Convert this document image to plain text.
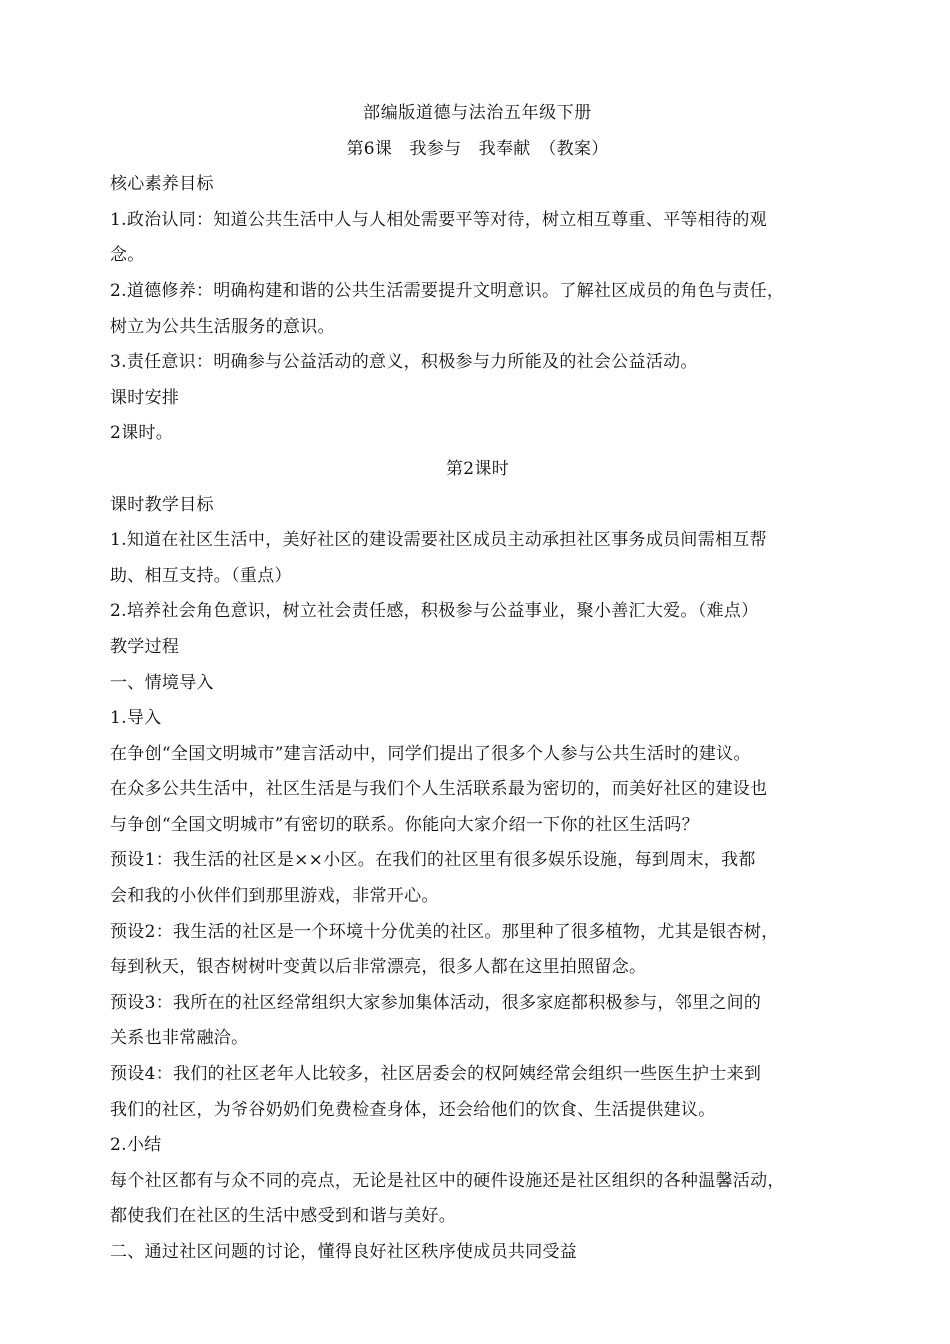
部编版道德与法治五年级下册
第6课　我参与　我奉献　（教案）
核心素养目标
1.政治认同：知道公共生活中人与人相处需要平等对待，树立相互尊重、平等相待的观
念。
2.道德修养：明确构建和谐的公共生活需要提升文明意识。了解社区成员的角色与责任，
树立为公共生活服务的意识。
3.责任意识：明确参与公益活动的意义，积极参与力所能及的社会公益活动。
课时安排
2课时。
第2课时
课时教学目标
1.知道在社区生活中，美好社区的建设需要社区成员主动承担社区事务成员间需相互帮
助、相互支持。（重点）
2.培养社会角色意识，树立社会责任感，积极参与公益事业，聚小善汇大爱。（难点）
教学过程
一、情境导入
1.导入
在争创“全国文明城市”建言活动中，同学们提出了很多个人参与公共生活时的建议。
在众多公共生活中，社区生活是与我们个人生活联系最为密切的，而美好社区的建设也
与争创“全国文明城市”有密切的联系。你能向大家介绍一下你的社区生活吗？
预设1：我生活的社区是××小区。在我们的社区里有很多娱乐设施，每到周末，我都
会和我的小伙伴们到那里游戏，非常开心。
预设2：我生活的社区是一个环境十分优美的社区。那里种了很多植物，尤其是银杏树，
每到秋天，银杏树树叶变黄以后非常漂亮，很多人都在这里拍照留念。
预设3：我所在的社区经常组织大家参加集体活动，很多家庭都积极参与，邻里之间的
关系也非常融洽。
预设4：我们的社区老年人比较多，社区居委会的权阿姨经常会组织一些医生护士来到
我们的社区，为爷谷奶奶们免费检查身体，还会给他们的饮食、生活提供建议。
2.小结
每个社区都有与众不同的亮点，无论是社区中的硬件设施还是社区组织的各种温馨活动，
都使我们在社区的生活中感受到和谐与美好。
二、通过社区问题的讨论，懂得良好社区秩序使成员共同受益
